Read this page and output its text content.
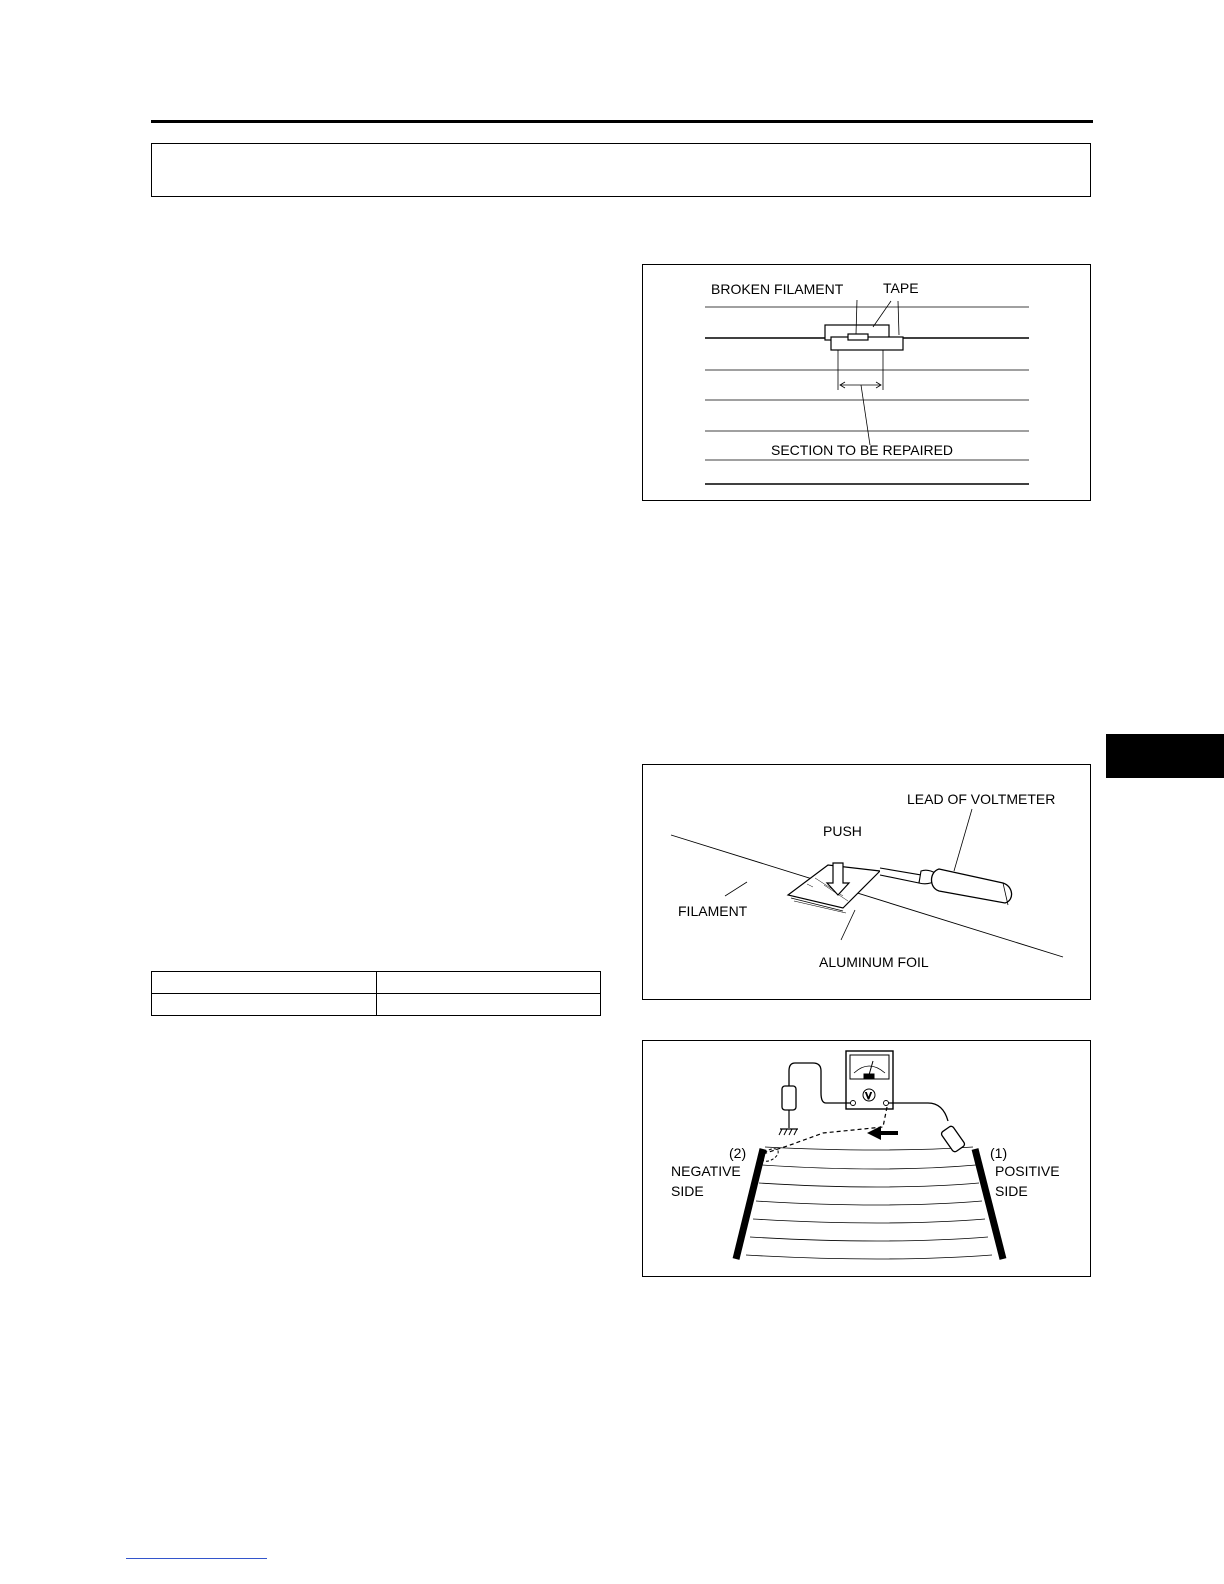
BROKEN FILAMENT	TAPE
SECTION TO BE REPAIRED
LEAD OF VOLTMETER
PUSH
FILAMENT
ALUMINUM FOIL

V
(2)
NEGATIVE
SIDE
(1)
POSITIVE
SIDE
